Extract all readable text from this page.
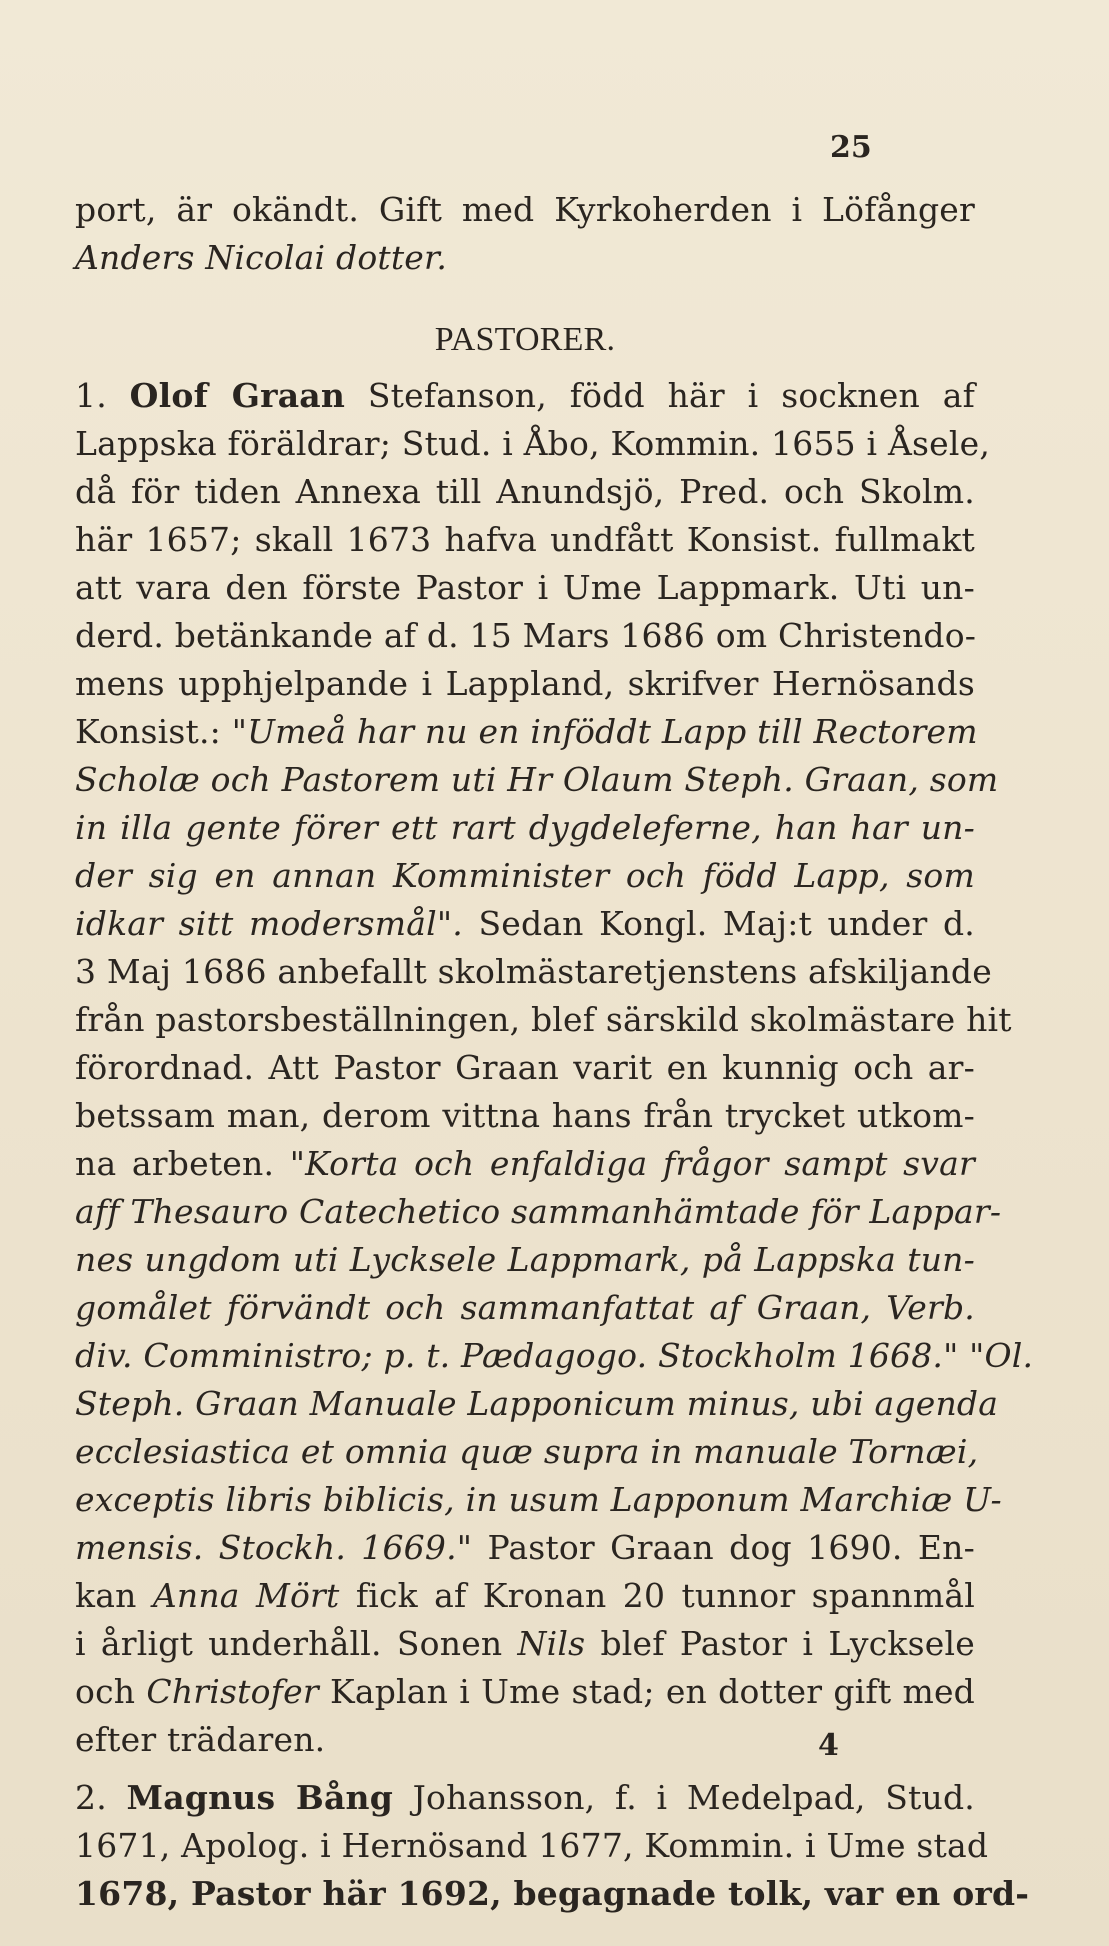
25
port, är okändt. Gift med Kyrkoherden i Löfånger
Anders Nicolai dotter.
PASTORER.
1. Olof Graan Stefanson, född här i socknen af
Lappska föräldrar; Stud. i Åbo, Kommin. 1655 i Åsele,
då för tiden Annexa till Anundsjö, Pred. och Skolm.
här 1657; skall 1673 hafva undfått Konsist. fullmakt
att vara den förste Pastor i Ume Lappmark. Uti un-
derd. betänkande af d. 15 Mars 1686 om Christendo-
mens upphjelpande i Lappland, skrifver Hernösands
Konsist.: "Umeå har nu en inföddt Lapp till Rectorem
Scholæ och Pastorem uti Hr Olaum Steph. Graan, som
in illa gente förer ett rart dygdeleferne, han har un-
der sig en annan Komminister och född Lapp, som
idkar sitt modersmål". Sedan Kongl. Maj:t under d.
3 Maj 1686 anbefallt skolmästaretjenstens afskiljande
från pastorsbeställningen, blef särskild skolmästare hit
förordnad. Att Pastor Graan varit en kunnig och ar-
betssam man, derom vittna hans från trycket utkom-
na arbeten. "Korta och enfaldiga frågor sampt svar
aff Thesauro Catechetico sammanhämtade för Lappar-
nes ungdom uti Lycksele Lappmark, på Lappska tun-
gomålet förvändt och sammanfattat af Graan, Verb.
div. Comministro; p. t. Pædagogo. Stockholm 1668." "Ol.
Steph. Graan Manuale Lapponicum minus, ubi agenda
ecclesiastica et omnia quæ supra in manuale Tornæi,
exceptis libris biblicis, in usum Lapponum Marchiæ U-
mensis. Stockh. 1669." Pastor Graan dog 1690. En-
kan Anna Mört fick af Kronan 20 tunnor spannmål
i årligt underhåll. Sonen Nils blef Pastor i Lycksele
och Christofer Kaplan i Ume stad; en dotter gift med
efter trädaren.
2. Magnus Bång Johansson, f. i Medelpad, Stud.
1671, Apolog. i Hernösand 1677, Kommin. i Ume stad
1678, Pastor här 1692, begagnade tolk, var en ord-
4
